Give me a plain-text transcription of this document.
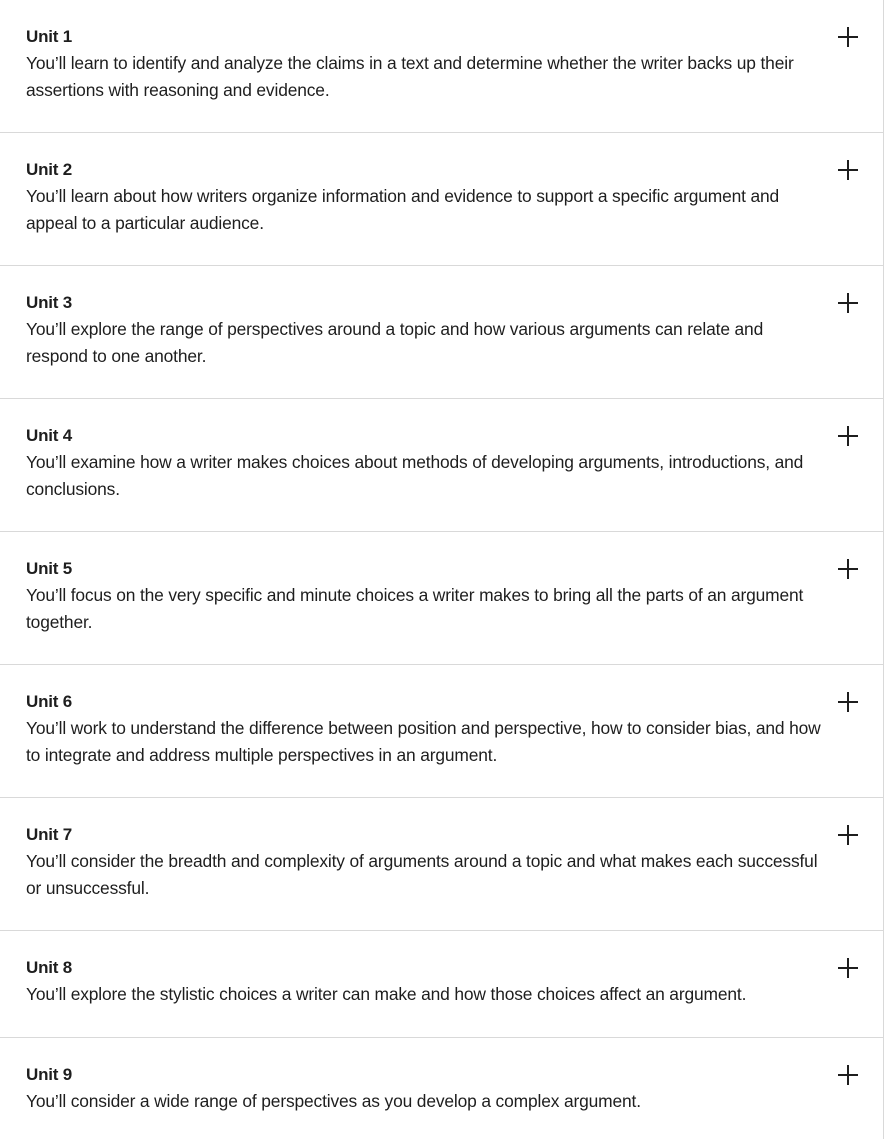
Unit 1
You’ll learn to identify and analyze the claims in a text and determine whether the writer backs up their assertions with reasoning and evidence.
Unit 2
You’ll learn about how writers organize information and evidence to support a specific argument and appeal to a particular audience.
Unit 3
You’ll explore the range of perspectives around a topic and how various arguments can relate and respond to one another.
Unit 4
You’ll examine how a writer makes choices about methods of developing arguments, introductions, and conclusions.
Unit 5
You’ll focus on the very specific and minute choices a writer makes to bring all the parts of an argument together.
Unit 6
You’ll work to understand the difference between position and perspective, how to consider bias, and how to integrate and address multiple perspectives in an argument.
Unit 7
You’ll consider the breadth and complexity of arguments around a topic and what makes each successful or unsuccessful.
Unit 8
You’ll explore the stylistic choices a writer can make and how those choices affect an argument.
Unit 9
You’ll consider a wide range of perspectives as you develop a complex argument.
